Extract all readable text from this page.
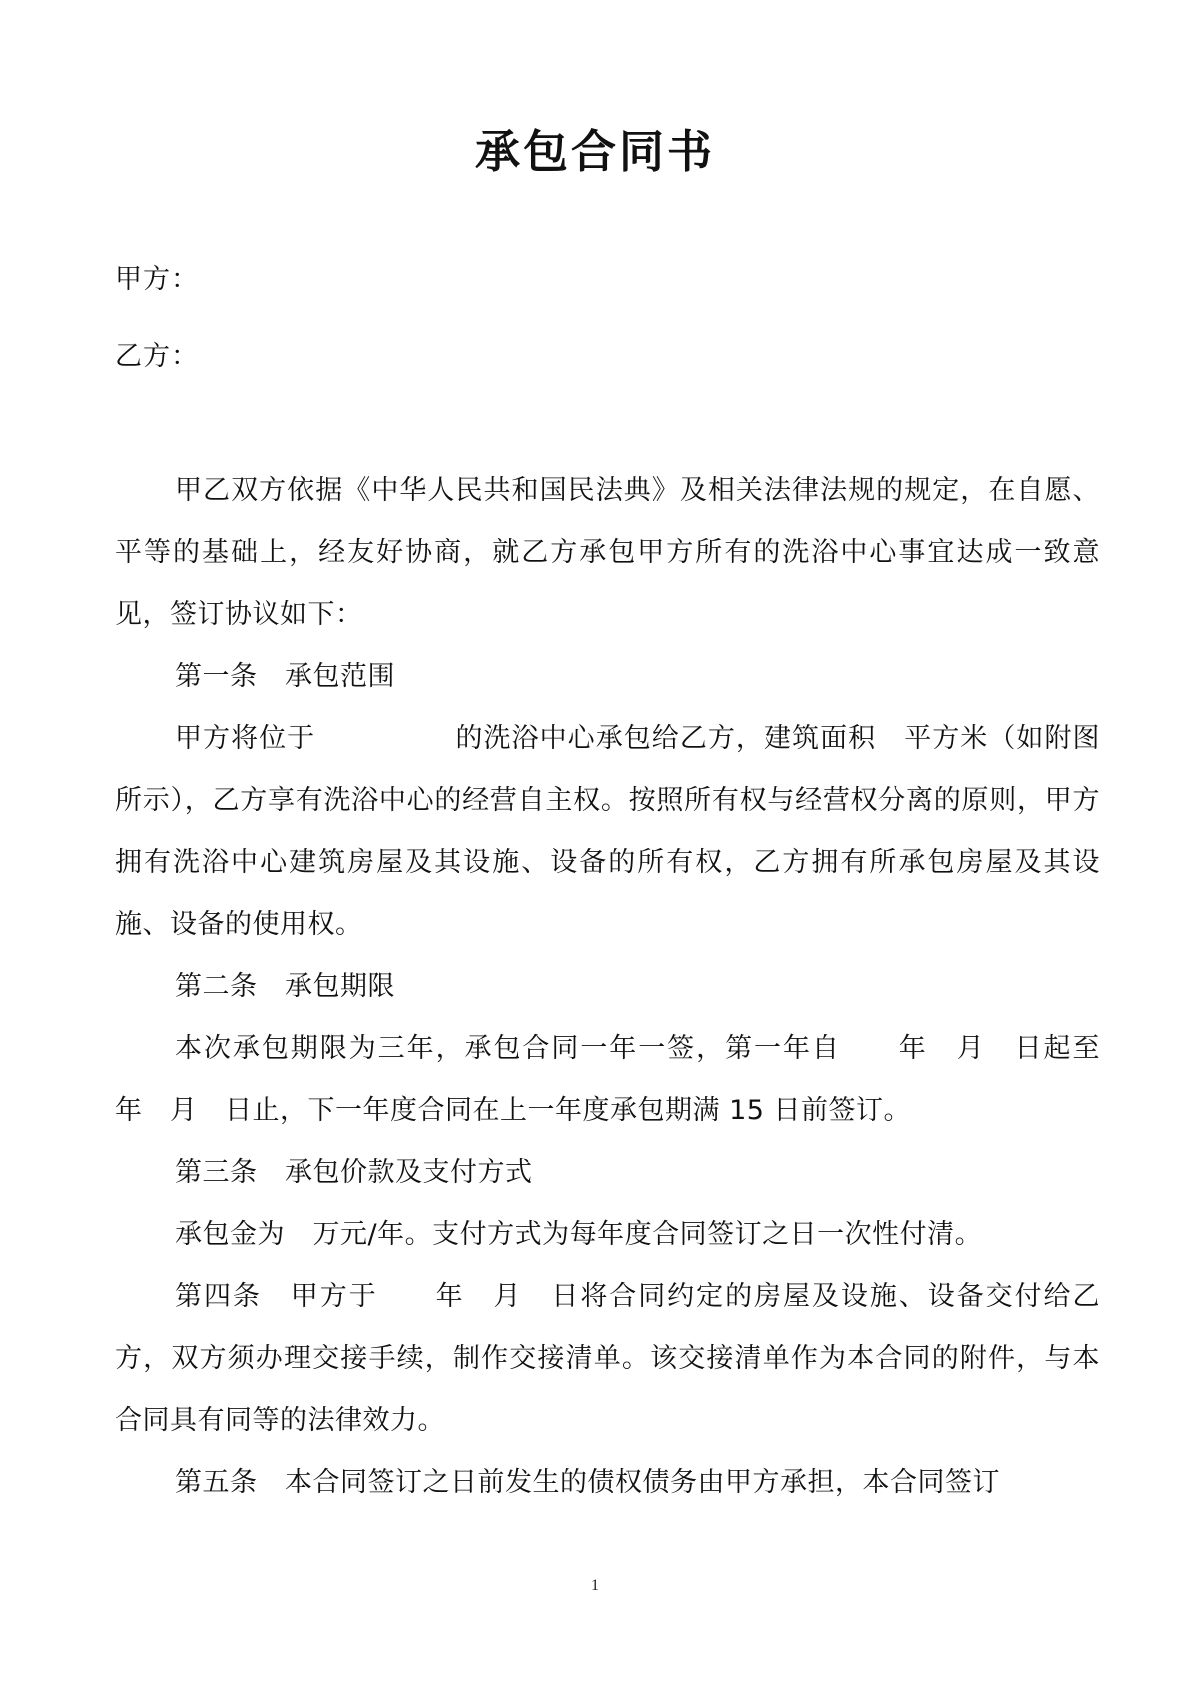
承包合同书
甲方：
乙方：

甲乙双方依据《中华人民共和国民法典》及相关法律法规的规定，在自愿、平等的基础上，经友好协商，就乙方承包甲方所有的洗浴中心事宜达成一致意见，签订协议如下：

第一条　承包范围

甲方将位于　　　　　的洗浴中心承包给乙方，建筑面积　平方米（如附图所示），乙方享有洗浴中心的经营自主权。按照所有权与经营权分离的原则，甲方拥有洗浴中心建筑房屋及其设施、设备的所有权，乙方拥有所承包房屋及其设施、设备的使用权。

第二条　承包期限

本次承包期限为三年，承包合同一年一签，第一年自　　年　月　日起至　　年　月　日止，下一年度合同在上一年度承包期满 15 日前签订。

第三条　承包价款及支付方式

承包金为　万元/年。支付方式为每年度合同签订之日一次性付清。

第四条　甲方于　　年　月　日将合同约定的房屋及设施、设备交付给乙方，双方须办理交接手续，制作交接清单。该交接清单作为本合同的附件，与本合同具有同等的法律效力。

第五条　本合同签订之日前发生的债权债务由甲方承担，本合同签订

1
